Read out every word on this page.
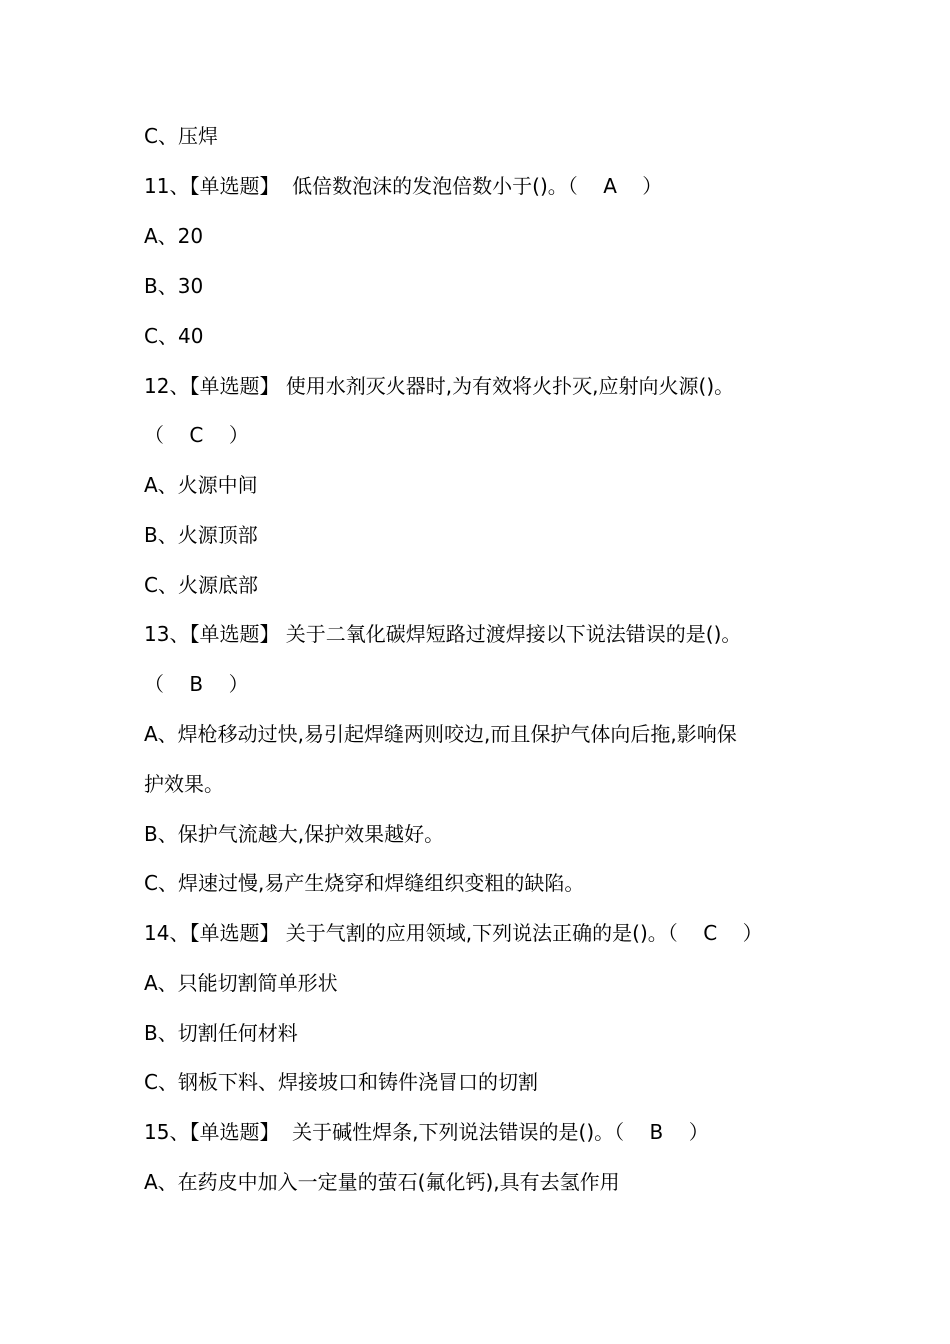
C、压焊
11、【单选题】  低倍数泡沫的发泡倍数小于()。（    A    ）
A、20
B、30
C、40
12、【单选题】 使用水剂灭火器时,为有效将火扑灭,应射向火源()。
（    C    ）
A、火源中间
B、火源顶部
C、火源底部
13、【单选题】 关于二氧化碳焊短路过渡焊接以下说法错误的是()。
（    B    ）
A、焊枪移动过快,易引起焊缝两则咬边,而且保护气体向后拖,影响保
护效果。
B、保护气流越大,保护效果越好。
C、焊速过慢,易产生烧穿和焊缝组织变粗的缺陷。
14、【单选题】 关于气割的应用领域,下列说法正确的是()。（    C    ）
A、只能切割简单形状
B、切割任何材料
C、钢板下料、焊接坡口和铸件浇冒口的切割
15、【单选题】  关于碱性焊条,下列说法错误的是()。（    B    ）
A、在药皮中加入一定量的萤石(氟化钙),具有去氢作用
